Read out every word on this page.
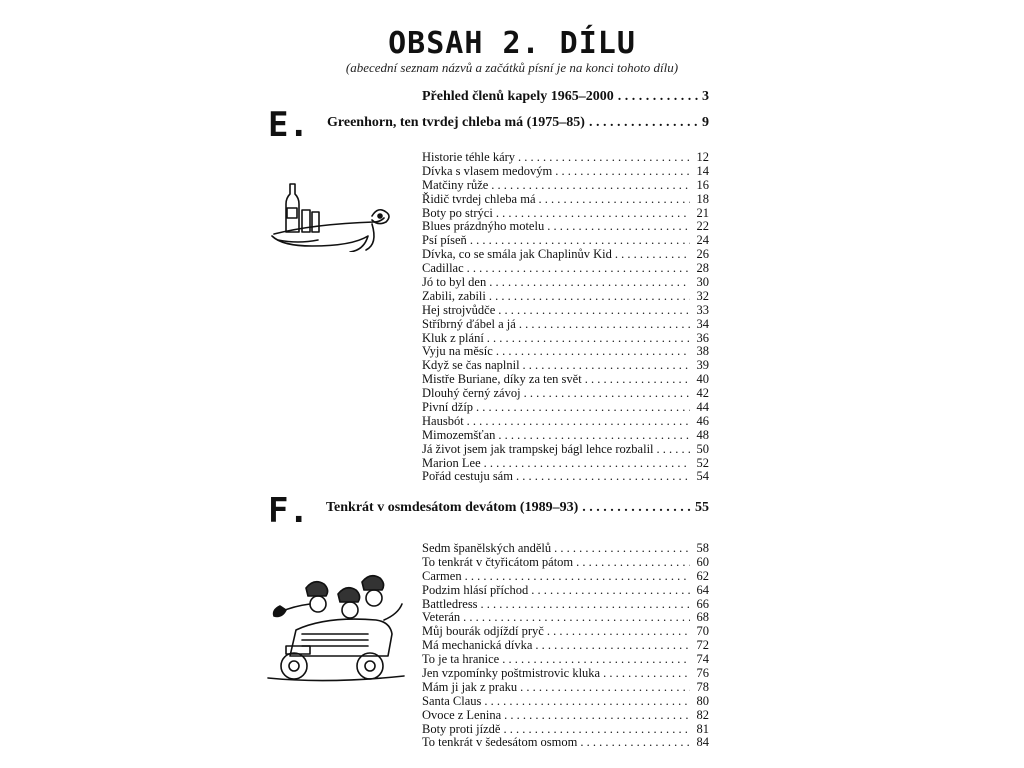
OBSAH 2. DÍLU
(abecední seznam názvů a začátků písní je na konci tohoto dílu)
Přehled členů kapely 1965–2000 . . .	3
E. Greenhorn, ten tvrdej chleba má (1975–85) . . .	9
Historie téhle káry . . .	12
Dívka s vlasem medovým . . .	14
Matčiny růže . . .	16
Řidič tvrdej chleba má . . .	18
Boty po strýci . . .	21
Blues prázdnýho motelu . . .	22
Psí píseň . . .	24
Dívka, co se smála jak Chaplinův Kid . . .	26
Cadillac . . .	28
Jó to byl den . . .	30
Zabili, zabili . . .	32
Hej strojvůdče . . .	33
Stříbrný ďábel a já . . .	34
Kluk z plání . . .	36
Vyju na měsíc . . .	38
Když se čas naplnil . . .	39
Mistře Buriane, díky za ten svět . . .	40
Dlouhý černý závoj . . .	42
Pivní džíp . . .	44
Hausbót . . .	46
Mimozemšťan . . .	48
Já život jsem jak trampskej bágl lehce rozbalil . . .	50
Marion Lee . . .	52
Pořád cestuju sám . . .	54
F. Tenkrát v osmdesátom devátom (1989–93) . . .	55
Sedm španělských andělů . . .	58
To tenkrát v čtyřicátom pátom . . .	60
Carmen . . .	62
Podzim hlásí příchod . . .	64
Battledress . . .	66
Veterán . . .	68
Můj bourák odjíždí pryč . . .	70
Má mechanická dívka . . .	72
To je ta hranice . . .	74
Jen vzpomínky poštmistrovic kluka . . .	76
Mám ji jak z praku . . .	78
Santa Claus . . .	80
Ovoce z Lenina . . .	82
Boty proti jízdě . . .	81
To tenkrát v šedesátom osmom . . .	84
